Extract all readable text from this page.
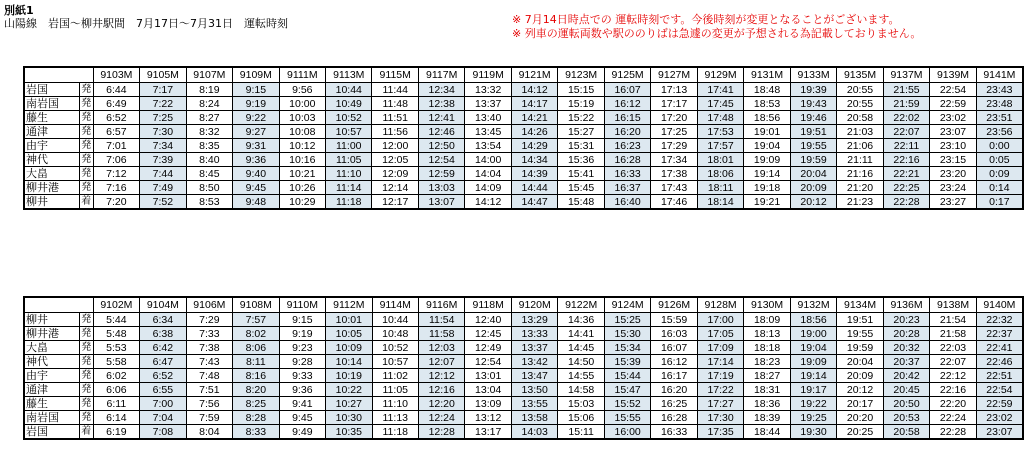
別紙1
山陽線　岩国～柳井駅間　7月17日～7月31日　運転時刻	※ 7月14日時点での 運転時刻です。今後時刻が変更となることがございます。
※ 列車の運転両数や駅ののりばは急遽の変更が予想される為記載しておりません。
		9103M	9105M	9107M	9109M	9111M	9113M	9115M	9117M	9119M	9121M	9123M	9125M	9127M	9129M	9131M	9133M	9135M	9137M	9139M	9141M
岩国	発	6:44	7:17	8:19	9:15	9:56	10:44	11:44	12:34	13:32	14:12	15:15	16:07	17:13	17:41	18:48	19:39	20:55	21:55	22:54	23:43
南岩国	発	6:49	7:22	8:24	9:19	10:00	10:49	11:48	12:38	13:37	14:17	15:19	16:12	17:17	17:45	18:53	19:43	20:55	21:59	22:59	23:48
藤生	発	6:52	7:25	8:27	9:22	10:03	10:52	11:51	12:41	13:40	14:21	15:22	16:15	17:20	17:48	18:56	19:46	20:58	22:02	23:02	23:51
通津	発	6:57	7:30	8:32	9:27	10:08	10:57	11:56	12:46	13:45	14:26	15:27	16:20	17:25	17:53	19:01	19:51	21:03	22:07	23:07	23:56
由宇	発	7:01	7:34	8:35	9:31	10:12	11:00	12:00	12:50	13:54	14:29	15:31	16:23	17:29	17:57	19:04	19:55	21:06	22:11	23:10	0:00
神代	発	7:06	7:39	8:40	9:36	10:16	11:05	12:05	12:54	14:00	14:34	15:36	16:28	17:34	18:01	19:09	19:59	21:11	22:16	23:15	0:05
大畠	発	7:12	7:44	8:45	9:40	10:21	11:10	12:09	12:59	14:04	14:39	15:41	16:33	17:38	18:06	19:14	20:04	21:16	22:21	23:20	0:09
柳井港	発	7:16	7:49	8:50	9:45	10:26	11:14	12:14	13:03	14:09	14:44	15:45	16:37	17:43	18:11	19:18	20:09	21:20	22:25	23:24	0:14
柳井	着	7:20	7:52	8:53	9:48	10:29	11:18	12:17	13:07	14:12	14:47	15:48	16:40	17:46	18:14	19:21	20:12	21:23	22:28	23:27	0:17
		9102M	9104M	9106M	9108M	9110M	9112M	9114M	9116M	9118M	9120M	9122M	9124M	9126M	9128M	9130M	9132M	9134M	9136M	9138M	9140M
柳井	発	5:44	6:34	7:29	7:57	9:15	10:01	10:44	11:54	12:40	13:29	14:36	15:25	15:59	17:00	18:09	18:56	19:51	20:23	21:54	22:32
柳井港	発	5:48	6:38	7:33	8:02	9:19	10:05	10:48	11:58	12:45	13:33	14:41	15:30	16:03	17:05	18:13	19:00	19:55	20:28	21:58	22:37
大畠	発	5:53	6:42	7:38	8:06	9:23	10:09	10:52	12:03	12:49	13:37	14:45	15:34	16:07	17:09	18:18	19:04	19:59	20:32	22:03	22:41
神代	発	5:58	6:47	7:43	8:11	9:28	10:14	10:57	12:07	12:54	13:42	14:50	15:39	16:12	17:14	18:23	19:09	20:04	20:37	22:07	22:46
由宇	発	6:02	6:52	7:48	8:16	9:33	10:19	11:02	12:12	13:01	13:47	14:55	15:44	16:17	17:19	18:27	19:14	20:09	20:42	22:12	22:51
通津	発	6:06	6:55	7:51	8:20	9:36	10:22	11:05	12:16	13:04	13:50	14:58	15:47	16:20	17:22	18:31	19:17	20:12	20:45	22:16	22:54
藤生	発	6:11	7:00	7:56	8:25	9:41	10:27	11:10	12:20	13:09	13:55	15:03	15:52	16:25	17:27	18:36	19:22	20:17	20:50	22:20	22:59
南岩国	発	6:14	7:04	7:59	8:28	9:45	10:30	11:13	12:24	13:12	13:58	15:06	15:55	16:28	17:30	18:39	19:25	20:20	20:53	22:24	23:02
岩国	着	6:19	7:08	8:04	8:33	9:49	10:35	11:18	12:28	13:17	14:03	15:11	16:00	16:33	17:35	18:44	19:30	20:25	20:58	22:28	23:07
